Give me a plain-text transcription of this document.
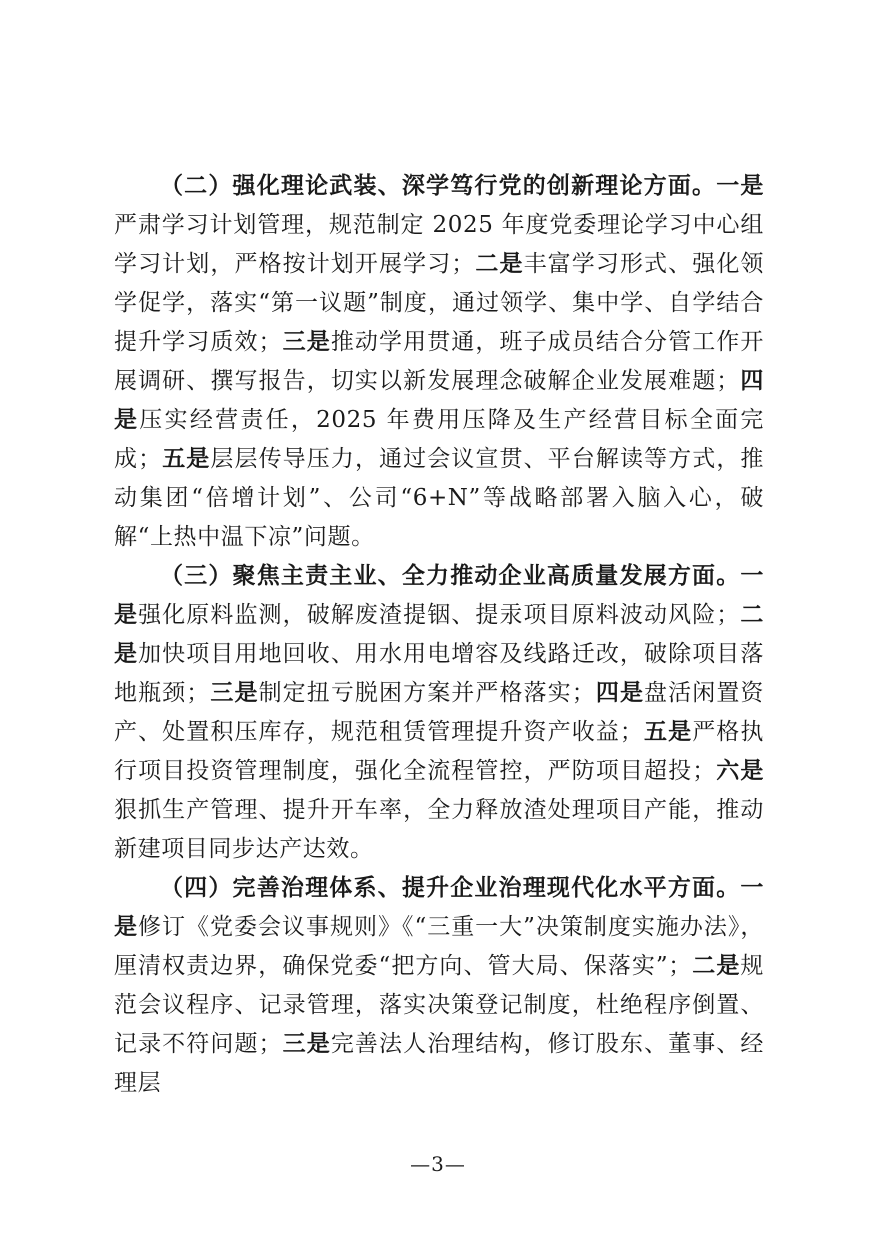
（二）强化理论武装、深学笃行党的创新理论方面。一是严肃学习计划管理，规范制定 2025 年度党委理论学习中心组学习计划，严格按计划开展学习；二是丰富学习形式、强化领学促学，落实“第一议题”制度，通过领学、集中学、自学结合提升学习质效；三是推动学用贯通，班子成员结合分管工作开展调研、撰写报告，切实以新发展理念破解企业发展难题；四是压实经营责任，2025 年费用压降及生产经营目标全面完成；五是层层传导压力，通过会议宣贯、平台解读等方式，推动集团“倍增计划”、公司“6+N”等战略部署入脑入心，破解“上热中温下凉”问题。

（三）聚焦主责主业、全力推动企业高质量发展方面。一是强化原料监测，破解废渣提铟、提汞项目原料波动风险；二是加快项目用地回收、用水用电增容及线路迁改，破除项目落地瓶颈；三是制定扭亏脱困方案并严格落实；四是盘活闲置资产、处置积压库存，规范租赁管理提升资产收益；五是严格执行项目投资管理制度，强化全流程管控，严防项目超投；六是狠抓生产管理、提升开车率，全力释放渣处理项目产能，推动新建项目同步达产达效。

（四）完善治理体系、提升企业治理现代化水平方面。一是修订《党委会议事规则》《“三重一大”决策制度实施办法》，厘清权责边界，确保党委“把方向、管大局、保落实”；二是规范会议程序、记录管理，落实决策登记制度，杜绝程序倒置、记录不符问题；三是完善法人治理结构，修订股东、董事、经理层

—3—
